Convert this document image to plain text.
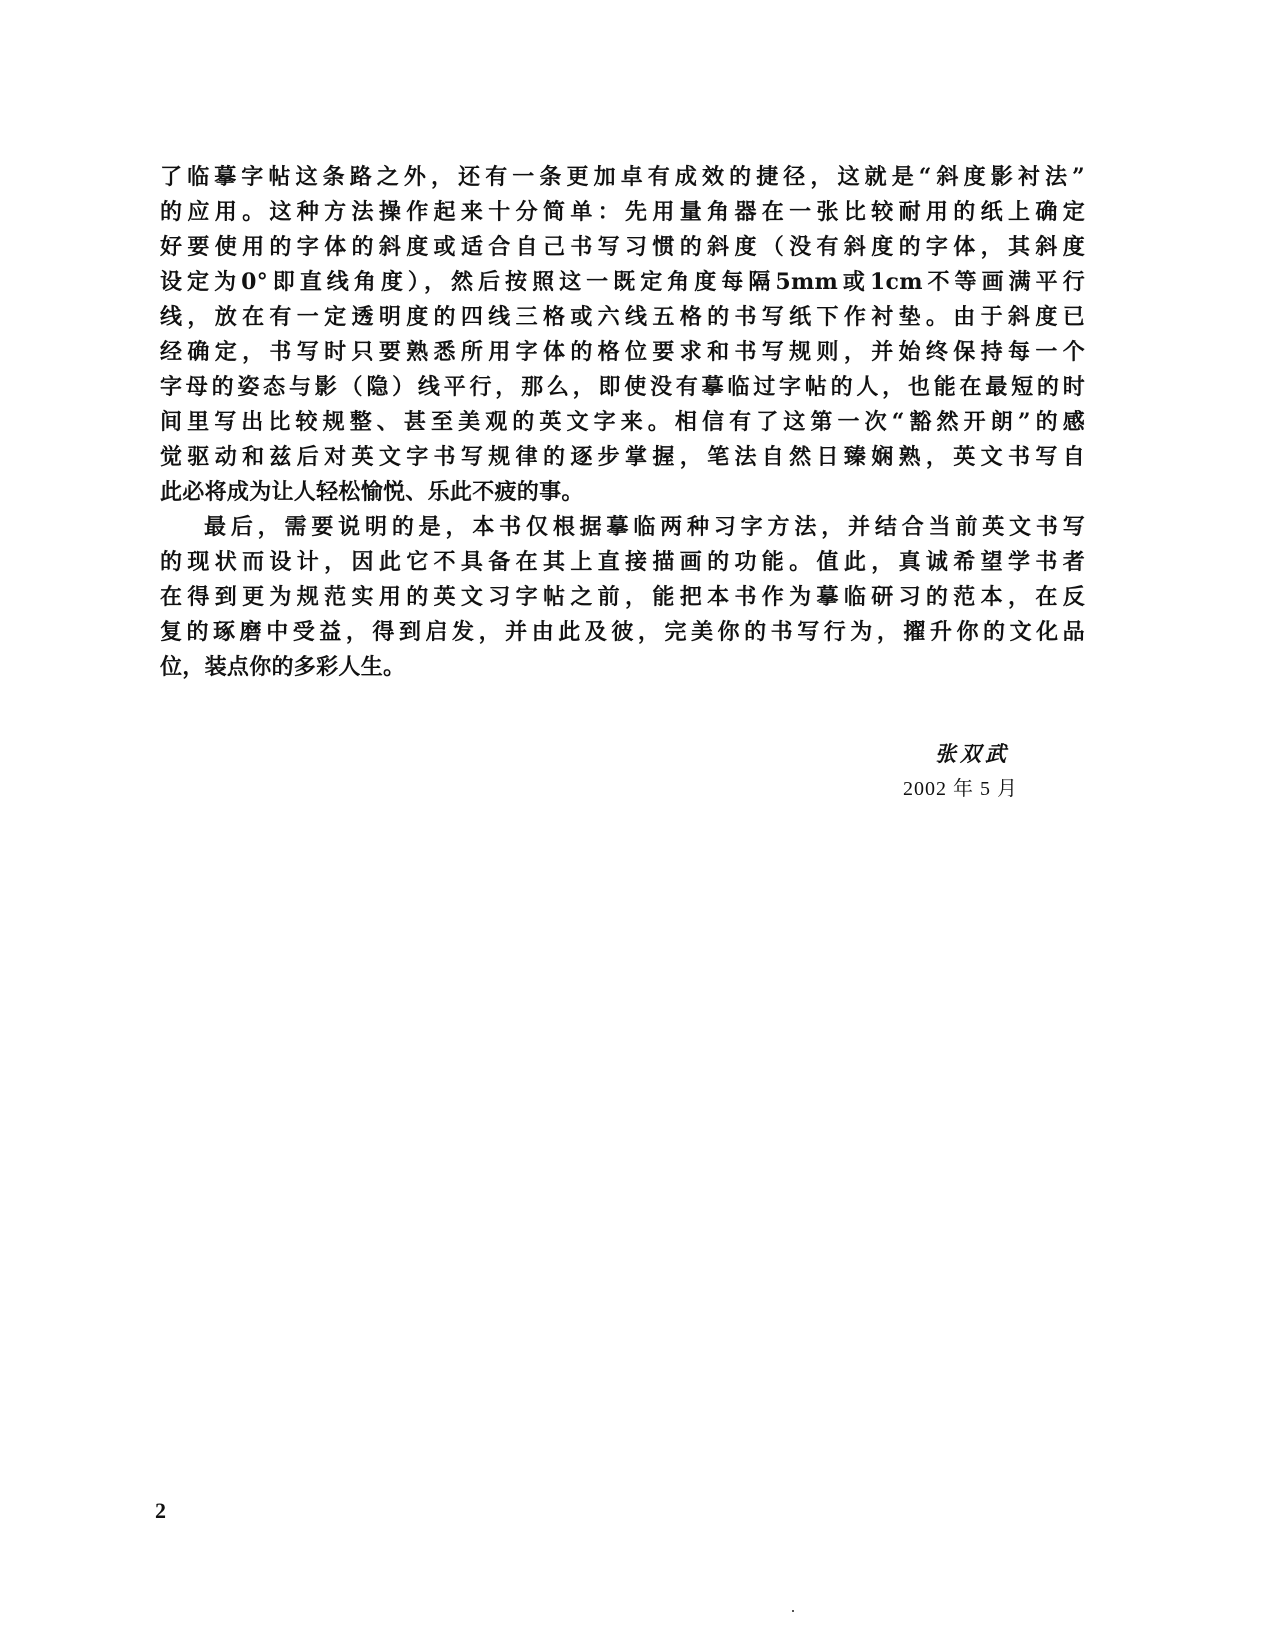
了临摹字帖这条路之外，还有一条更加卓有成效的捷径，这就是“斜度影衬法”
的应用。这种方法操作起来十分简单：先用量角器在一张比较耐用的纸上确定
好要使用的字体的斜度或适合自己书写习惯的斜度（没有斜度的字体，其斜度
设定为0°即直线角度），然后按照这一既定角度每隔5mm或1cm不等画满平行
线，放在有一定透明度的四线三格或六线五格的书写纸下作衬垫。由于斜度已
经确定，书写时只要熟悉所用字体的格位要求和书写规则，并始终保持每一个
字母的姿态与影（隐）线平行，那么，即使没有摹临过字帖的人，也能在最短的时
间里写出比较规整、甚至美观的英文字来。相信有了这第一次“豁然开朗”的感
觉驱动和兹后对英文字书写规律的逐步掌握，笔法自然日臻娴熟，英文书写自
此必将成为让人轻松愉悦、乐此不疲的事。
最后，需要说明的是，本书仅根据摹临两种习字方法，并结合当前英文书写
的现状而设计，因此它不具备在其上直接描画的功能。值此，真诚希望学书者
在得到更为规范实用的英文习字帖之前，能把本书作为摹临研习的范本，在反
复的琢磨中受益，得到启发，并由此及彼，完美你的书写行为，擢升你的文化品
位，装点你的多彩人生。
张双武
2002 年 5 月
2
